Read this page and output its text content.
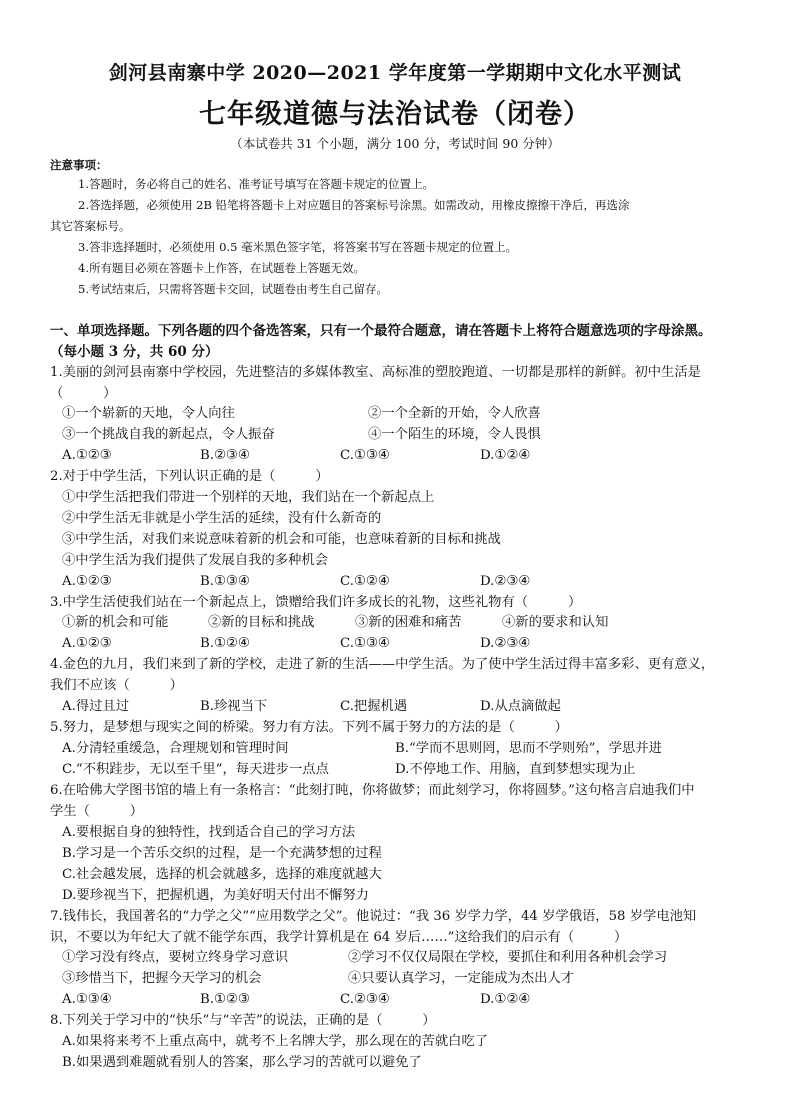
剑河县南寨中学 2020—2021 学年度第一学期期中文化水平测试
七年级道德与法治试卷（闭卷）
（本试卷共 31 个小题，满分 100 分，考试时间 90 分钟）
注意事项：
1.答题时，务必将自己的姓名、准考证号填写在答题卡规定的位置上。
2.答选择题，必须使用 2B 铅笔将答题卡上对应题目的答案标号涂黑。如需改动，用橡皮擦擦干净后，再选涂
其它答案标号。
3.答非选择题时，必须使用 0.5 毫米黑色签字笔，将答案书写在答题卡规定的位置上。
4.所有题目必须在答题卡上作答，在试题卷上答题无效。
5.考试结束后，只需将答题卡交回，试题卷由考生自己留存。
一、单项选择题。下列各题的四个备选答案，只有一个最符合题意，请在答题卡上将符合题意选项的字母涂黑。
（每小题 3 分，共 60 分）
1.美丽的剑河县南寨中学校园，先进整洁的多媒体教室、高标准的塑胶跑道、一切都是那样的新鲜。初中生活是
（　　　）
①一个崭新的天地，令人向往	②一个全新的开始，令人欣喜
③一个挑战自我的新起点，令人振奋	④一个陌生的环境，令人畏惧
A.①②③	B.②③④	C.①③④	D.①②④
2.对于中学生活，下列认识正确的是（　　　）
①中学生活把我们带进一个别样的天地，我们站在一个新起点上
②中学生活无非就是小学生活的延续，没有什么新奇的
③中学生活，对我们来说意味着新的机会和可能，也意味着新的目标和挑战
④中学生活为我们提供了发展自我的多种机会
A.①②③	B.①③④	C.①②④	D.②③④
3.中学生活使我们站在一个新起点上，馈赠给我们许多成长的礼物，这些礼物有（　　　）
①新的机会和可能	②新的目标和挑战	③新的困难和痛苦	④新的要求和认知
A.①②③	B.①②④	C.①③④	D.②③④
4.金色的九月，我们来到了新的学校，走进了新的生活——中学生活。为了使中学生活过得丰富多彩、更有意义，
我们不应该（　　　）
A.得过且过	B.珍视当下	C.把握机遇	D.从点滴做起
5.努力，是梦想与现实之间的桥梁。努力有方法。下列不属于努力的方法的是（　　　）
A.分清轻重缓急，合理规划和管理时间	B.“学而不思则罔，思而不学则殆”，学思并进
C.“不积跬步，无以至千里”，每天进步一点点	D.不停地工作、用脑，直到梦想实现为止
6.在哈佛大学图书馆的墙上有一条格言：“此刻打盹，你将做梦；而此刻学习，你将圆梦。”这句格言启迪我们中
学生（　　　）
A.要根据自身的独特性，找到适合自己的学习方法
B.学习是一个苦乐交织的过程，是一个充满梦想的过程
C.社会越发展，选择的机会就越多，选择的难度就越大
D.要珍视当下，把握机遇，为美好明天付出不懈努力
7.钱伟长，我国著名的“力学之父”“应用数学之父”。他说过：“我 36 岁学力学，44 岁学俄语，58 岁学电池知
识，不要以为年纪大了就不能学东西，我学计算机是在 64 岁后……”这给我们的启示有（　　　）
①学习没有终点，要树立终身学习意识	②学习不仅仅局限在学校，要抓住和利用各种机会学习
③珍惜当下，把握今天学习的机会	④只要认真学习，一定能成为杰出人才
A.①③④	B.①②③	C.②③④	D.①②④
8.下列关于学习中的“快乐”与“辛苦”的说法，正确的是（　　　）
A.如果将来考不上重点高中，就考不上名牌大学，那么现在的苦就白吃了
B.如果遇到难题就看别人的答案，那么学习的苦就可以避免了
